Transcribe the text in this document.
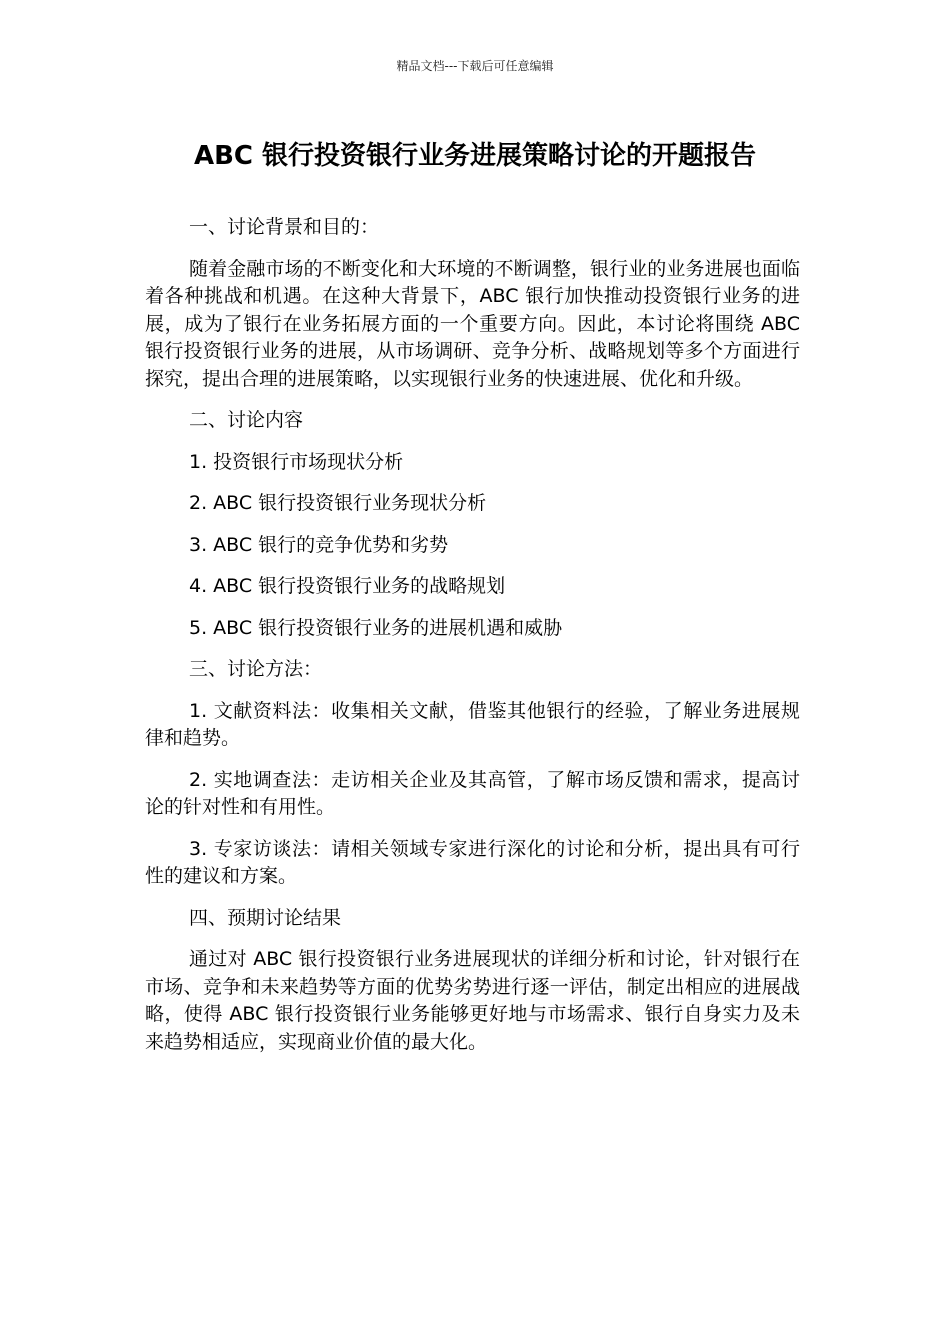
精品文档---下载后可任意编辑
ABC 银行投资银行业务进展策略讨论的开题报告

一、讨论背景和目的：

随着金融市场的不断变化和大环境的不断调整，银行业的业务进展也面临着各种挑战和机遇。在这种大背景下，ABC 银行加快推动投资银行业务的进展，成为了银行在业务拓展方面的一个重要方向。因此，本讨论将围绕 ABC 银行投资银行业务的进展，从市场调研、竞争分析、战略规划等多个方面进行探究，提出合理的进展策略，以实现银行业务的快速进展、优化和升级。

二、讨论内容

1. 投资银行市场现状分析

2. ABC 银行投资银行业务现状分析

3. ABC 银行的竞争优势和劣势

4. ABC 银行投资银行业务的战略规划

5. ABC 银行投资银行业务的进展机遇和威胁

三、讨论方法：

1. 文献资料法：收集相关文献，借鉴其他银行的经验，了解业务进展规律和趋势。

2. 实地调查法：走访相关企业及其高管，了解市场反馈和需求，提高讨论的针对性和有用性。

3. 专家访谈法：请相关领域专家进行深化的讨论和分析，提出具有可行性的建议和方案。

四、预期讨论结果

通过对 ABC 银行投资银行业务进展现状的详细分析和讨论，针对银行在市场、竞争和未来趋势等方面的优势劣势进行逐一评估，制定出相应的进展战略，使得 ABC 银行投资银行业务能够更好地与市场需求、银行自身实力及未来趋势相适应，实现商业价值的最大化。
